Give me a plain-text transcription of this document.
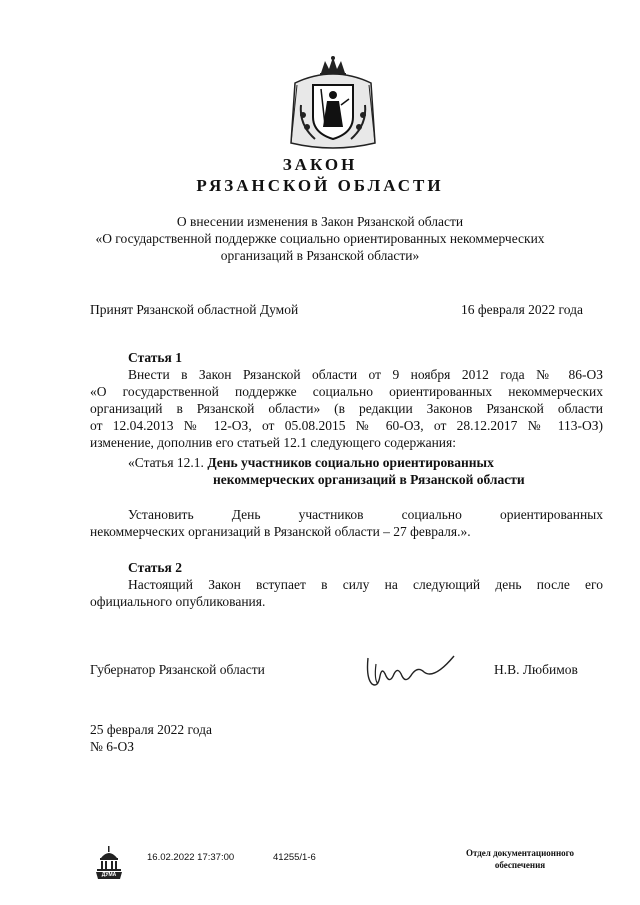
ЗАКОН
РЯЗАНСКОЙ ОБЛАСТИ
О внесении изменения в Закон Рязанской области
«О государственной поддержке социально ориентированных некоммерческих
организаций в Рязанской области»
Принят Рязанской областной Думой	16 февраля 2022 года
Статья 1
Внести в Закон Рязанской области от 9 ноября 2012 года № 86-ОЗ
«О государственной поддержке социально ориентированных некоммерческих
организаций в Рязанской области» (в редакции Законов Рязанской области
от 12.04.2013 № 12-ОЗ, от 05.08.2015 № 60-ОЗ, от 28.12.2017 № 113-ОЗ)
изменение, дополнив его статьей 12.1 следующего содержания:
«Статья 12.1. День участников социально ориентированных
некоммерческих организаций в Рязанской области
Установить День участников социально ориентированных
некоммерческих организаций в Рязанской области – 27 февраля.».
Статья 2
Настоящий Закон вступает в силу на следующий день после его
официального опубликования.
Губернатор Рязанской области	Н.В. Любимов
25 февраля 2022 года
№ 6-ОЗ
ДУМА
16.02.2022 17:37:00	41255/1-6	Отдел документационного
обеспечения
